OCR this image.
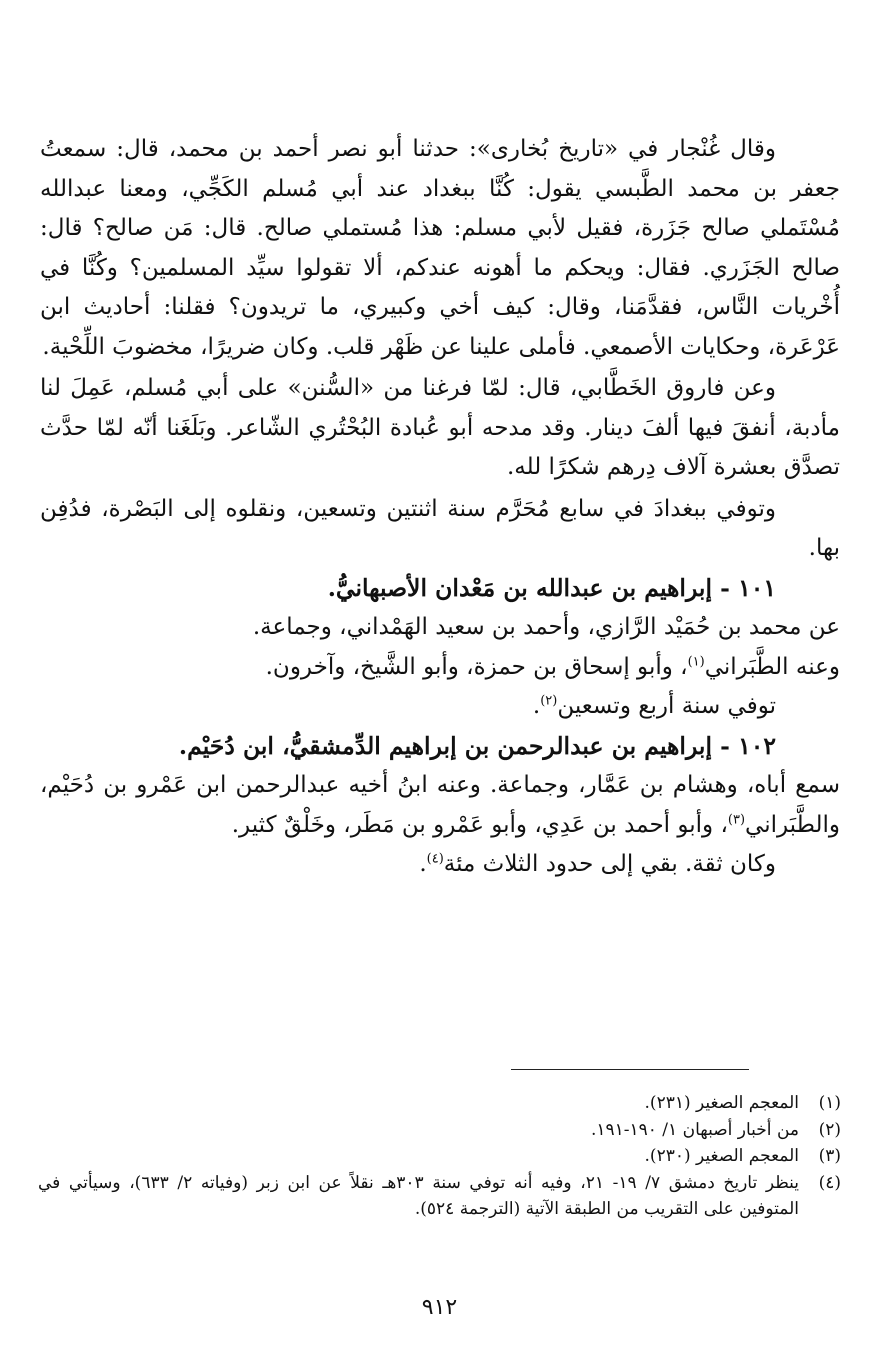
وقال غُنْجار في «تاريخ بُخارى»: حدثنا أبو نصر أحمد بن محمد، قال: سمعتُ جعفر بن محمد الطَّبسي يقول: كُنَّا ببغداد عند أبي مُسلم الكَجِّي، ومعنا عبدالله مُسْتَملي صالح جَزَرة، فقيل لأبي مسلم: هذا مُستملي صالح. قال: مَن صالح؟ قال: صالح الجَزَري. فقال: ويحكم ما أهونه عندكم، ألا تقولوا سيِّد المسلمين؟ وكُنَّا في أُخْريات النَّاس، فقدَّمَنا، وقال: كيف أخي وكبيري، ما تريدون؟ فقلنا: أحاديث ابن عَرْعَرة، وحكايات الأصمعي. فأملى علينا عن ظَهْر قلب. وكان ضريرًا، مخضوبَ اللِّحْية.

وعن فاروق الخَطَّابي، قال: لمّا فرغنا من «السُّنن» على أبي مُسلم، عَمِلَ لنا مأدبة، أنفقَ فيها ألفَ دينار. وقد مدحه أبو عُبادة البُحْتُري الشّاعر. وبَلَغَنا أنّه لمّا حدَّث تصدَّق بعشرة آلاف دِرهم شكرًا لله.

وتوفي ببغدادَ في سابع مُحَرَّم سنة اثنتين وتسعين، ونقلوه إلى البَصْرة، فدُفِن بها.

١٠١ - إبراهيم بن عبدالله بن مَعْدان الأصبهانيُّ.

عن محمد بن حُمَيْد الرَّازي، وأحمد بن سعيد الهَمْداني، وجماعة.

وعنه الطَّبَراني$^{(١)}$، وأبو إسحاق بن حمزة، وأبو الشَّيخ، وآخرون.

توفي سنة أربع وتسعين$^{(٢)}$.

١٠٢ - إبراهيم بن عبدالرحمن بن إبراهيم الدِّمشقيُّ، ابن دُحَيْم.

سمع أباه، وهشام بن عَمَّار، وجماعة. وعنه ابنُ أخيه عبدالرحمن ابن عَمْرو بن دُحَيْم، والطَّبَراني$^{(٣)}$، وأبو أحمد بن عَدِي، وأبو عَمْرو بن مَطَر، وخَلْقٌ كثير.

وكان ثقة. بقي إلى حدود الثلاث مئة$^{(٤)}$.

(١)
المعجم الصغير (٢٣١).
(٢)
من أخبار أصبهان ١/ ١٩٠-١٩١.
(٣)
المعجم الصغير (٢٣٠).
(٤)
ينظر تاريخ دمشق ٧/ ١٩- ٢١، وفيه أنه توفي سنة ٣٠٣هـ نقلاً عن ابن زبر (وفياته ٢/ ٦٣٣)، وسيأتي في المتوفين على التقريب من الطبقة الآتية (الترجمة ٥٢٤).
٩١٢
